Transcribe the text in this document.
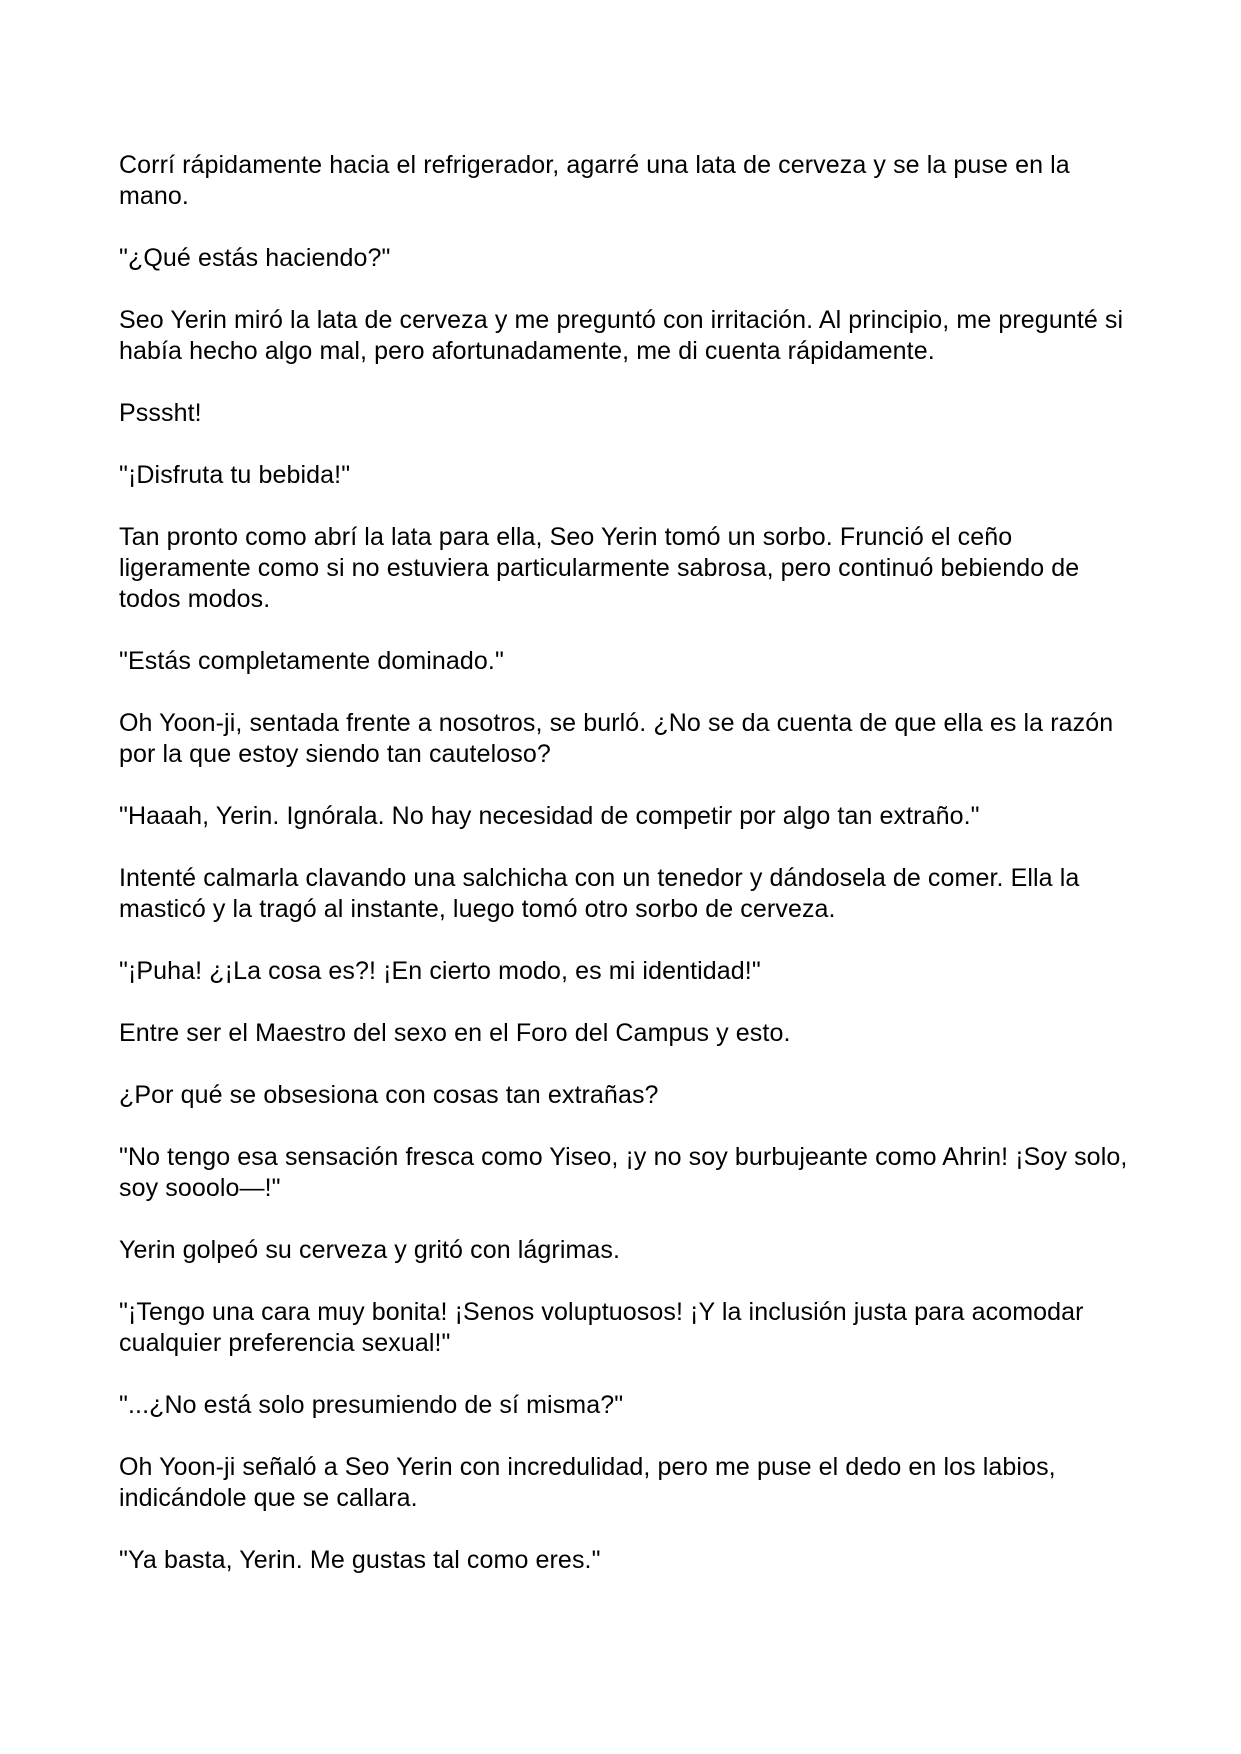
Corrí rápidamente hacia el refrigerador, agarré una lata de cerveza y se la puse en la mano.

"¿Qué estás haciendo?"

Seo Yerin miró la lata de cerveza y me preguntó con irritación. Al principio, me pregunté si había hecho algo mal, pero afortunadamente, me di cuenta rápidamente.

Psssht!

"¡Disfruta tu bebida!"

Tan pronto como abrí la lata para ella, Seo Yerin tomó un sorbo. Frunció el ceño ligeramente como si no estuviera particularmente sabrosa, pero continuó bebiendo de todos modos.

"Estás completamente dominado."

Oh Yoon-ji, sentada frente a nosotros, se burló. ¿No se da cuenta de que ella es la razón por la que estoy siendo tan cauteloso?

"Haaah, Yerin. Ignórala. No hay necesidad de competir por algo tan extraño."

Intenté calmarla clavando una salchicha con un tenedor y dándosela de comer. Ella la masticó y la tragó al instante, luego tomó otro sorbo de cerveza.

"¡Puha! ¿¡La cosa es?! ¡En cierto modo, es mi identidad!"

Entre ser el Maestro del sexo en el Foro del Campus y esto.

¿Por qué se obsesiona con cosas tan extrañas?

"No tengo esa sensación fresca como Yiseo, ¡y no soy burbujeante como Ahrin! ¡Soy solo, soy sooolo—!"

Yerin golpeó su cerveza y gritó con lágrimas.

"¡Tengo una cara muy bonita! ¡Senos voluptuosos! ¡Y la inclusión justa para acomodar cualquier preferencia sexual!"

"...¿No está solo presumiendo de sí misma?"

Oh Yoon-ji señaló a Seo Yerin con incredulidad, pero me puse el dedo en los labios, indicándole que se callara.

"Ya basta, Yerin. Me gustas tal como eres."
